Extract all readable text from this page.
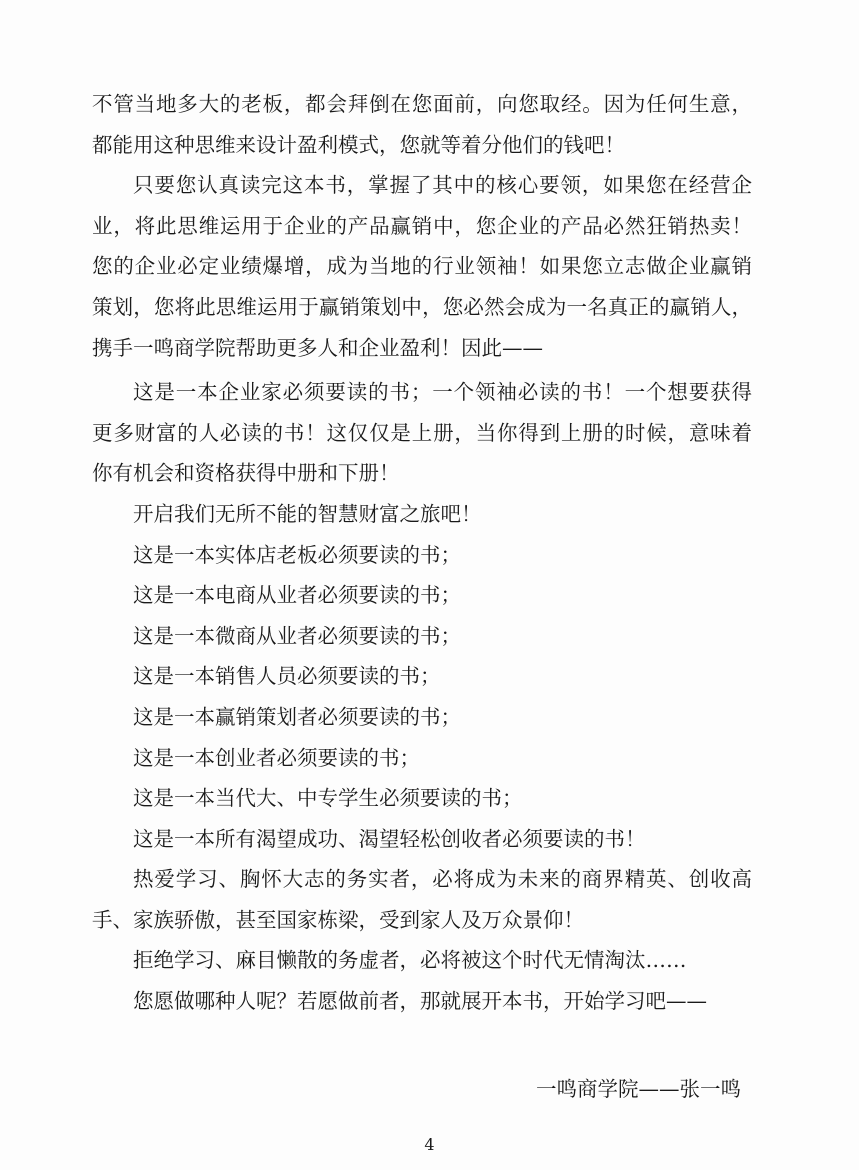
不管当地多大的老板，都会拜倒在您面前，向您取经。因为任何生意，

都能用这种思维来设计盈利模式，您就等着分他们的钱吧！

只要您认真读完这本书，掌握了其中的核心要领，如果您在经营企

业，将此思维运用于企业的产品赢销中，您企业的产品必然狂销热卖！

您的企业必定业绩爆增，成为当地的行业领袖！如果您立志做企业赢销

策划，您将此思维运用于赢销策划中，您必然会成为一名真正的赢销人，

携手一鸣商学院帮助更多人和企业盈利！因此——

这是一本企业家必须要读的书；一个领袖必读的书！一个想要获得

更多财富的人必读的书！这仅仅是上册，当你得到上册的时候，意味着

你有机会和资格获得中册和下册！

开启我们无所不能的智慧财富之旅吧！

这是一本实体店老板必须要读的书；

这是一本电商从业者必须要读的书；

这是一本微商从业者必须要读的书；

这是一本销售人员必须要读的书；

这是一本赢销策划者必须要读的书；

这是一本创业者必须要读的书；

这是一本当代大、中专学生必须要读的书；

这是一本所有渴望成功、渴望轻松创收者必须要读的书！

热爱学习、胸怀大志的务实者，必将成为未来的商界精英、创收高

手、家族骄傲，甚至国家栋梁，受到家人及万众景仰！

拒绝学习、麻目懒散的务虚者，必将被这个时代无情淘汰……

您愿做哪种人呢？若愿做前者，那就展开本书，开始学习吧——

一鸣商学院——张一鸣
4
